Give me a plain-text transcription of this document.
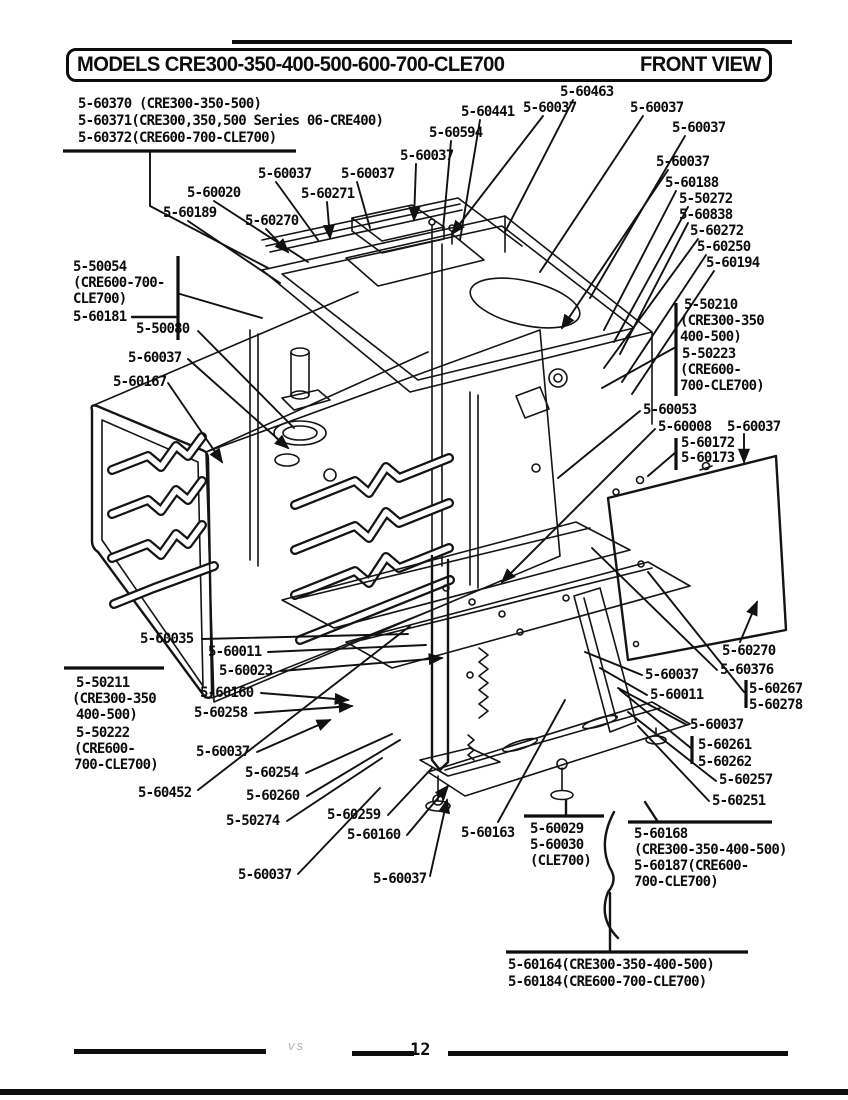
MODELS CRE300-350-400-500-600-700-CLE700	FRONT VIEW
5-60370 (CRE300-350-500)
5-60371(CRE300,350,500 Series 06-CRE400)
5-60372(CRE600-700-CLE700)
5-60463
5-60441 5-60037	5-60037
5-60594	5-60037
5-60037	5-60037
5-60188
5-50272
5-60838
5-60272
5-60250
5-60194
5-60020
5-60037 5-60037
5-60271
5-60189 5-60270
5-50054
(CRE600-700-
CLE700)
5-60181
5-50080
5-60037
5-60167
5-50210
(CRE300-350
400-500)
5-50223
(CRE600-
700-CLE700)
5-60053
5-60008 5-60037
5-60172
5-60173
5-60035
5-60011
5-60023
5-60160
5-60258
5-50211
(CRE300-350
400-500)
5-50222
(CRE600-
700-CLE700)
5-60037
5-60254
5-60260
5-60452
5-50274	5-60259
5-60160
5-60037	5-60037
5-60163
5-60270
5-60376
5-60037
5-60011	5-60267
5-60278
5-60037
5-60261
5-60262
5-60257
5-60251
5-60029
5-60030
(CLE700)
5-60168
(CRE300-350-400-500)
5-60187(CRE600-
700-CLE700)
5-60164(CRE300-350-400-500)
5-60184(CRE600-700-CLE700)
vs	12
